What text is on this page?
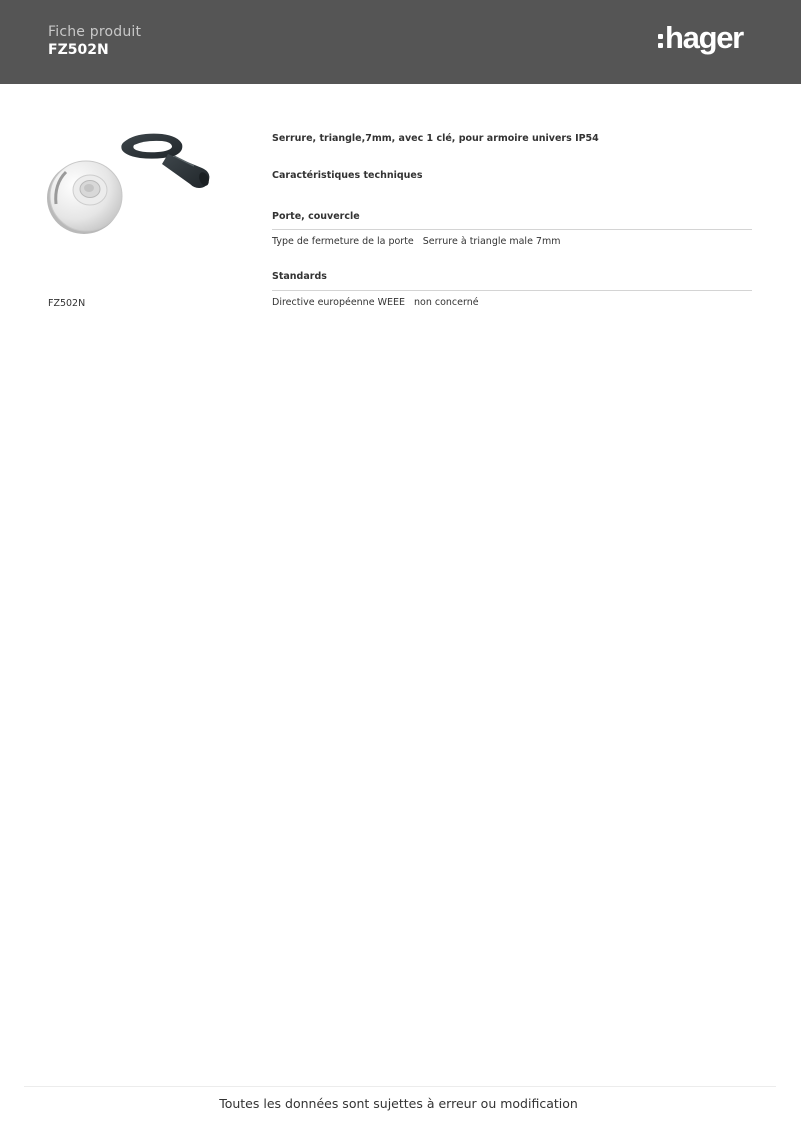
Fiche produit
FZ502N	hager
FZ502N
Serrure, triangle,7mm, avec 1 clé, pour armoire univers IP54
Caractéristiques techniques
Porte, couvercle
Type de fermeture de la porte Serrure à triangle male 7mm
Standards
Directive européenne WEEE non concerné
Toutes les données sont sujettes à erreur ou modification
